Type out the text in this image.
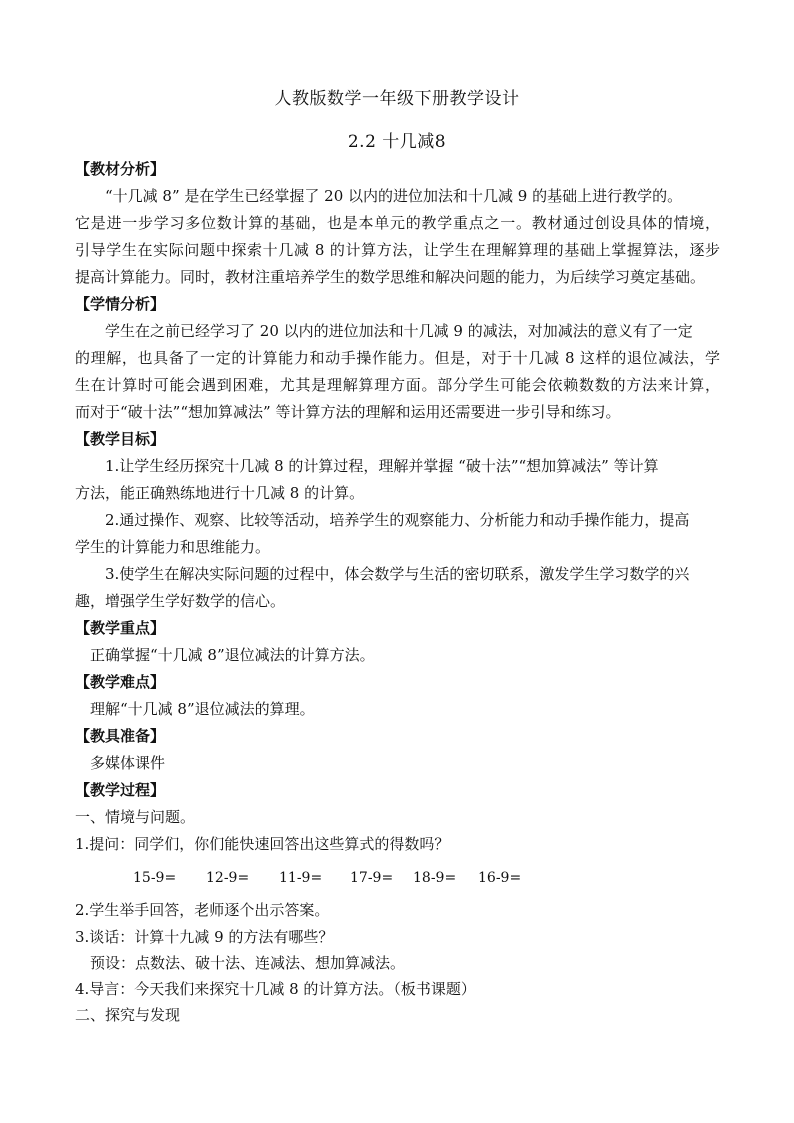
人教版数学一年级下册教学设计
2.2 十几减8
【教材分析】
“十几减 8” 是在学生已经掌握了 20 以内的进位加法和十几减 9 的基础上进行教学的。
它是进一步学习多位数计算的基础，也是本单元的教学重点之一。教材通过创设具体的情境，
引导学生在实际问题中探索十几减 8 的计算方法，让学生在理解算理的基础上掌握算法，逐步
提高计算能力。同时，教材注重培养学生的数学思维和解决问题的能力，为后续学习奠定基础。
【学情分析】
学生在之前已经学习了 20 以内的进位加法和十几减 9 的减法，对加减法的意义有了一定
的理解，也具备了一定的计算能力和动手操作能力。但是，对于十几减 8 这样的退位减法，学
生在计算时可能会遇到困难，尤其是理解算理方面。部分学生可能会依赖数数的方法来计算，
而对于“破十法”“想加算减法” 等计算方法的理解和运用还需要进一步引导和练习。
【教学目标】
1.让学生经历探究十几减 8 的计算过程，理解并掌握 “破十法”“想加算减法” 等计算
方法，能正确熟练地进行十几减 8 的计算。
2.通过操作、观察、比较等活动，培养学生的观察能力、分析能力和动手操作能力，提高
学生的计算能力和思维能力。
3.使学生在解决实际问题的过程中，体会数学与生活的密切联系，激发学生学习数学的兴
趣，增强学生学好数学的信心。
【教学重点】
正确掌握“十几减 8”退位减法的计算方法。
【教学难点】
理解“十几减 8”退位减法的算理。
【教具准备】
多媒体课件
【教学过程】
一、情境与问题。
1.提问：同学们，你们能快速回答出这些算式的得数吗？
15-9= 12-9= 11-9= 17-9= 18-9= 16-9=
2.学生举手回答，老师逐个出示答案。
3.谈话：计算十九减 9 的方法有哪些？
预设：点数法、破十法、连减法、想加算减法。
4.导言：今天我们来探究十几减 8 的计算方法。（板书课题）
二、探究与发现
